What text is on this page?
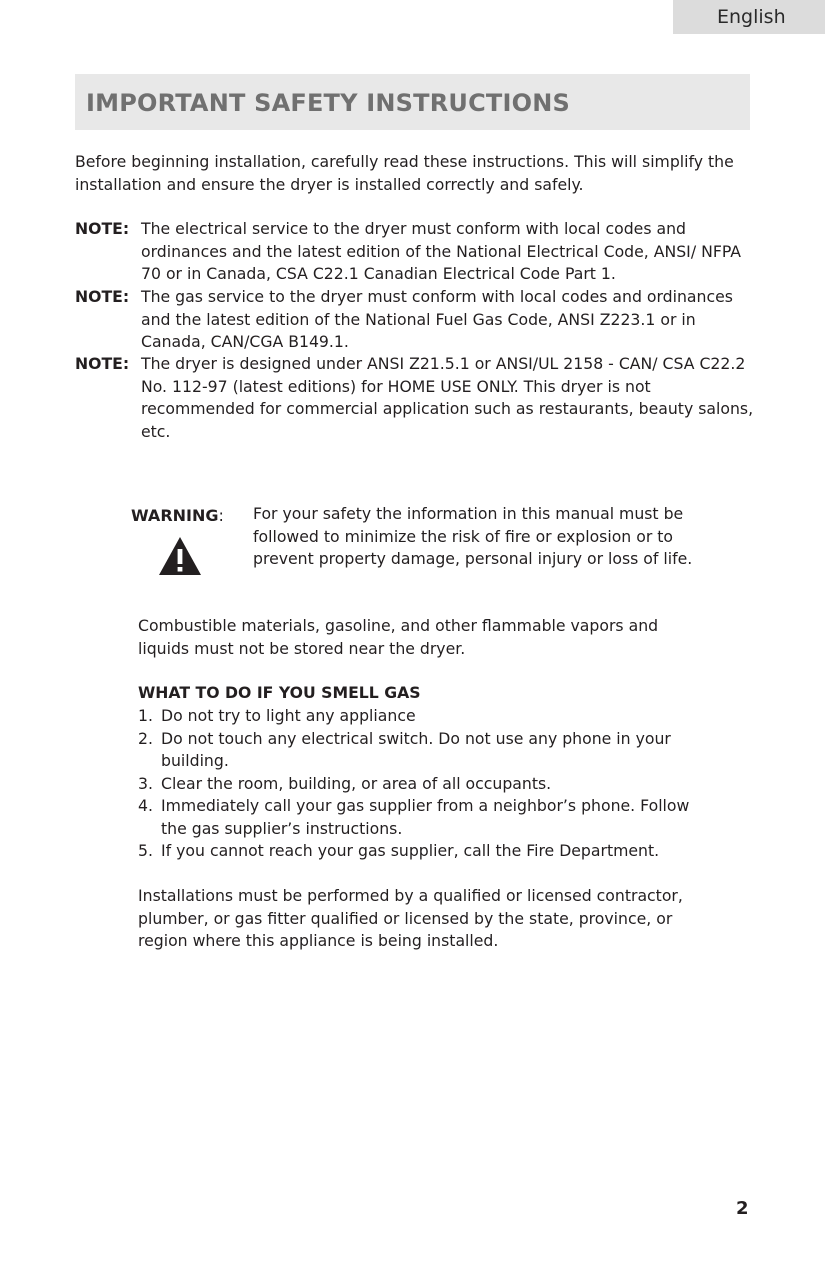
English
IMPORTANT SAFETY INSTRUCTIONS

Before beginning installation, carefully read these instructions. This will simplify the installation and ensure the dryer is installed correctly and safely.

NOTE: The electrical service to the dryer must conform with local codes and ordinances and the latest edition of the National Electrical Code, ANSI/ NFPA 70 or in Canada, CSA C22.1 Canadian Electrical Code Part 1.
NOTE: The gas service to the dryer must conform with local codes and ordinances and the latest edition of the National Fuel Gas Code, ANSI Z223.1 or in Canada, CAN/CGA B149.1.
NOTE: The dryer is designed under ANSI Z21.5.1 or ANSI/UL 2158 - CAN/ CSA C22.2 No. 112-97 (latest editions) for HOME USE ONLY. This dryer is not recommended for commercial application such as restaurants, beauty salons, etc.
WARNING: For your safety the information in this manual must be followed to minimize the risk of fire or explosion or to prevent property damage, personal injury or loss of life.

Combustible materials, gasoline, and other flammable vapors and liquids must not be stored near the dryer.

WHAT TO DO IF YOU SMELL GAS
1. Do not try to light any appliance
2. Do not touch any electrical switch. Do not use any phone in your building.
3. Clear the room, building, or area of all occupants.
4. Immediately call your gas supplier from a neighbor’s phone. Follow the gas supplier’s instructions.
5. If you cannot reach your gas supplier, call the Fire Department.

Installations must be performed by a qualified or licensed contractor, plumber, or gas fitter qualified or licensed by the state, province, or region where this appliance is being installed.

2
